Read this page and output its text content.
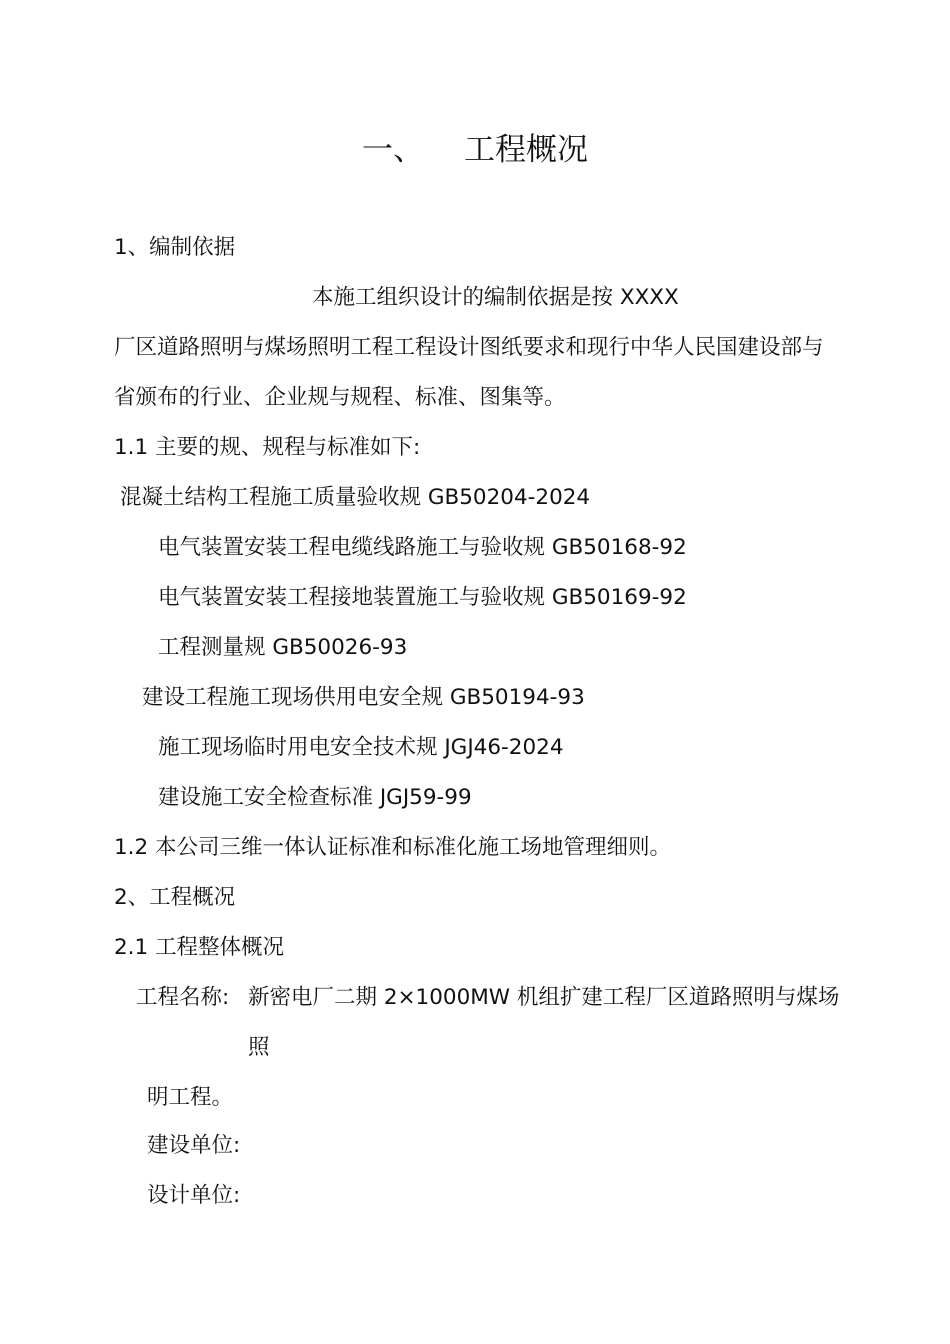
一、 工程概况
1、编制依据
本施工组织设计的编制依据是按 XXXX
厂区道路照明与煤场照明工程工程设计图纸要求和现行中华人民国建设部与
省颁布的行业、企业规与规程、标准、图集等。
1.1 主要的规、规程与标准如下:
混凝土结构工程施工质量验收规 GB50204-2024
电气装置安装工程电缆线路施工与验收规 GB50168-92
电气装置安装工程接地装置施工与验收规 GB50169-92
工程测量规 GB50026-93
建设工程施工现场供用电安全规 GB50194-93
施工现场临时用电安全技术规 JGJ46-2024
建设施工安全检查标准 JGJ59-99
1.2 本公司三维一体认证标准和标准化施工场地管理细则。
2、工程概况
2.1 工程整体概况
工程名称: 新密电厂二期 2×1000MW 机组扩建工程厂区道路照明与煤场
照
明工程。
建设单位:
设计单位:
